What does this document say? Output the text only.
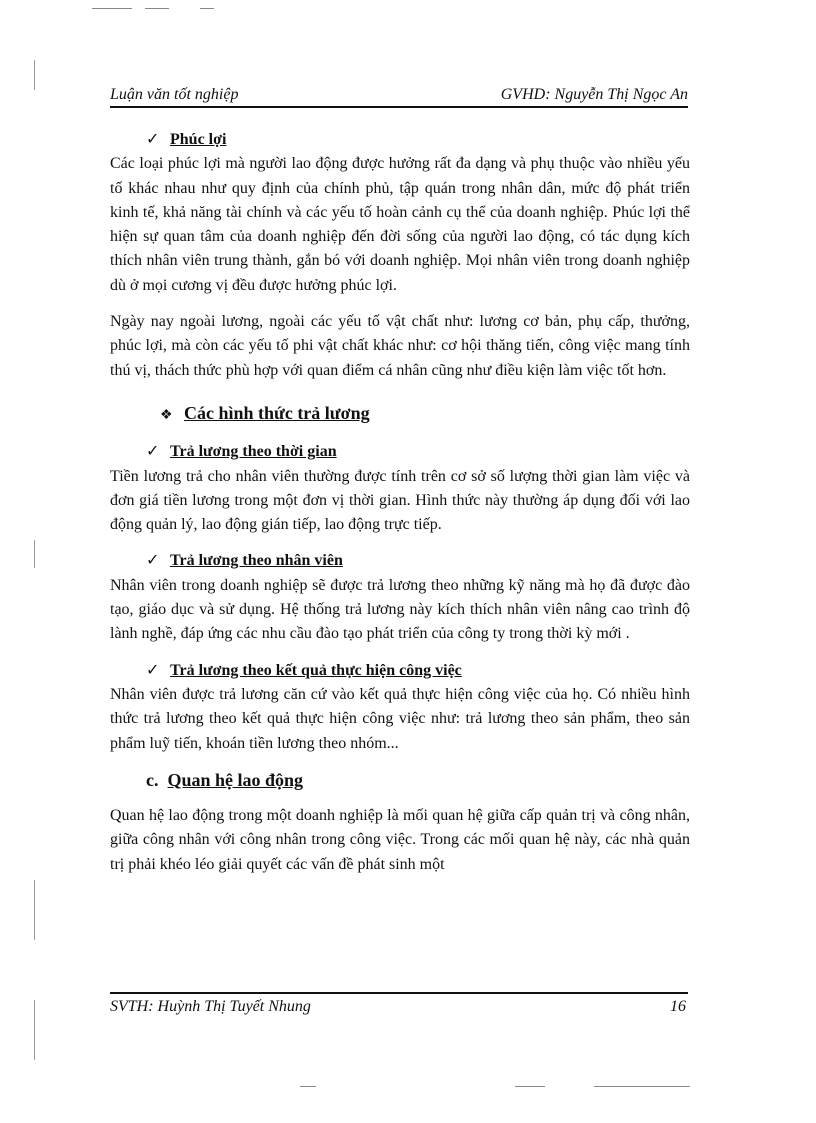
Luận văn tốt nghiệp	GVHD: Nguyễn Thị Ngọc An

✓ Phúc lợi

Các loại phúc lợi mà người lao động được hưởng rất đa dạng và phụ thuộc vào nhiều yếu tố khác nhau như quy định của chính phủ, tập quán trong nhân dân, mức độ phát triển kinh tế, khả năng tài chính và các yếu tố hoàn cảnh cụ thể của doanh nghiệp. Phúc lợi thể hiện sự quan tâm của doanh nghiệp đến đời sống của người lao động, có tác dụng kích thích nhân viên trung thành, gắn bó với doanh nghiệp. Mọi nhân viên trong doanh nghiệp dù ở mọi cương vị đều được hưởng phúc lợi.

Ngày nay ngoài lương, ngoài các yếu tố vật chất như: lương cơ bản, phụ cấp, thưởng, phúc lợi, mà còn các yếu tố phi vật chất khác như: cơ hội thăng tiến, công việc mang tính thú vị, thách thức phù hợp với quan điểm cá nhân cũng như điều kiện làm việc tốt hơn.

❖ Các hình thức trả lương

✓ Trả lương theo thời gian

Tiền lương trả cho nhân viên thường được tính trên cơ sở số lượng thời gian làm việc và đơn giá tiền lương trong một đơn vị thời gian. Hình thức này thường áp dụng đối với lao động quản lý, lao động gián tiếp, lao động trực tiếp.

✓ Trả lương theo nhân viên

Nhân viên trong doanh nghiệp sẽ được trả lương theo những kỹ năng mà họ đã được đào tạo, giáo dục và sử dụng. Hệ thống trả lương này kích thích nhân viên nâng cao trình độ lành nghề, đáp ứng các nhu cầu đào tạo phát triển của công ty trong thời kỳ mới .

✓ Trả lương theo kết quả thực hiện công việc

Nhân viên được trả lương căn cứ vào kết quả thực hiện công việc của họ. Có nhiều hình thức trả lương theo kết quả thực hiện công việc như: trả lương theo sản phẩm, theo sản phẩm luỹ tiến, khoán tiền lương theo nhóm...

c. Quan hệ lao động

Quan hệ lao động trong một doanh nghiệp là mối quan hệ giữa cấp quản trị và công nhân, giữa công nhân với công nhân trong công việc. Trong các mối quan hệ này, các nhà quản trị phải khéo léo giải quyết các vấn đề phát sinh một

SVTH: Huỳnh Thị Tuyết Nhung	16
